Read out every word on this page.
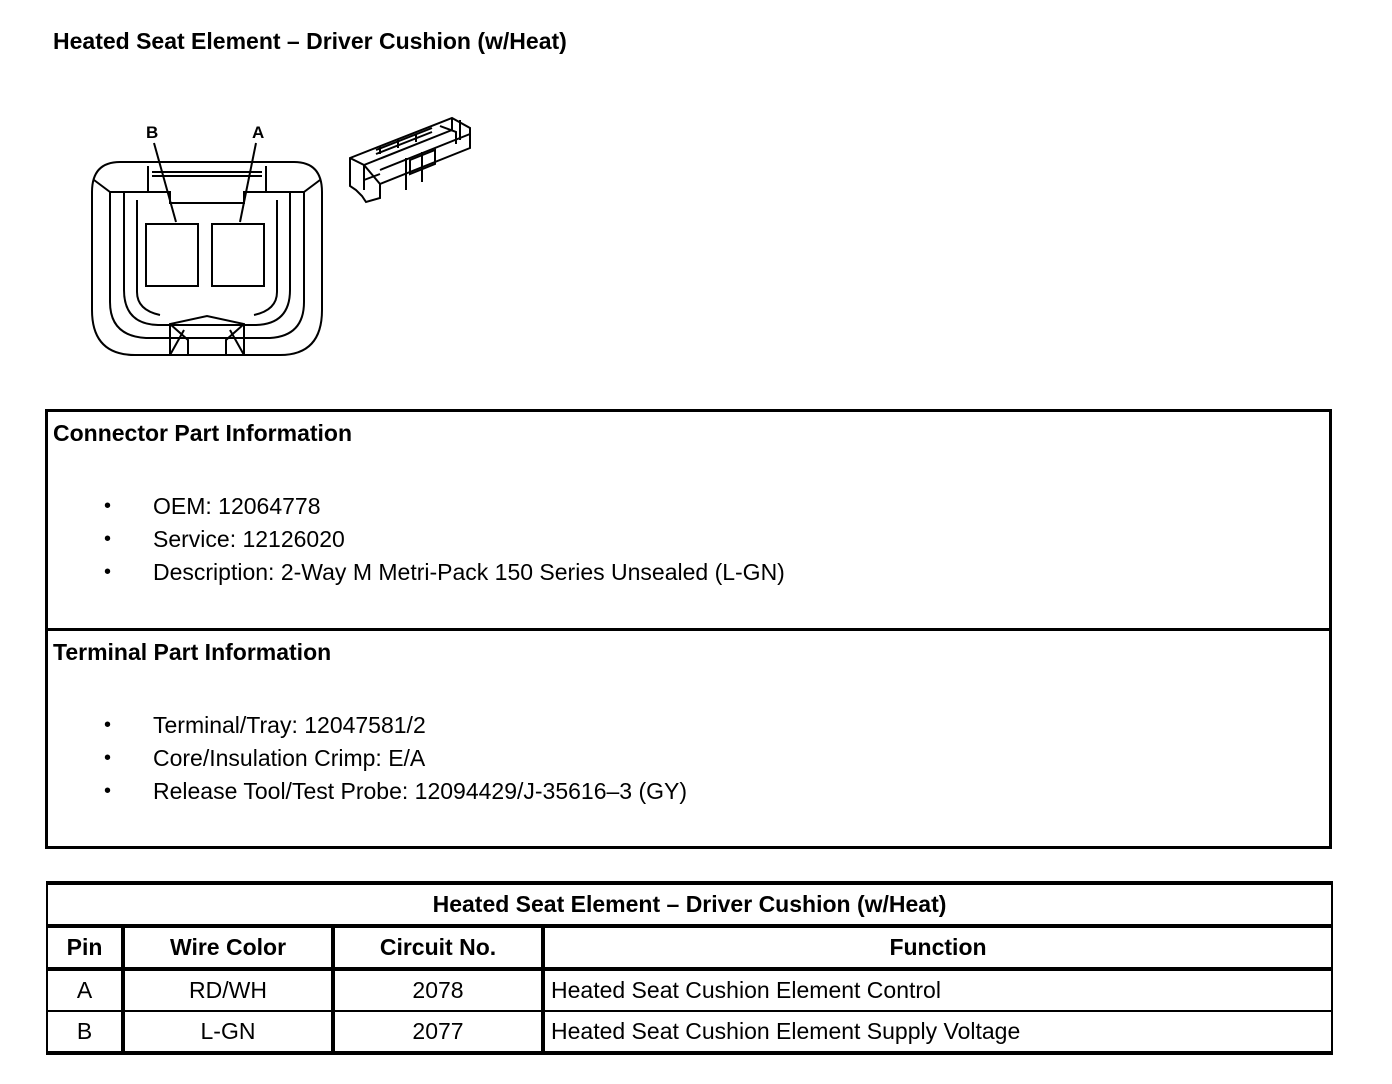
Heated Seat Element – Driver Cushion (w/Heat)
B	A
Connector Part Information
• OEM: 12064778
• Service: 12126020
• Description: 2-Way M Metri-Pack 150 Series Unsealed (L-GN)
Terminal Part Information
• Terminal/Tray: 12047581/2
• Core/Insulation Crimp: E/A
• Release Tool/Test Probe: 12094429/J-35616–3 (GY)
Heated Seat Element – Driver Cushion (w/Heat)			
Pin	Wire Color	Circuit No.	Function
A	RD/WH	2078	Heated Seat Cushion Element Control
B	L-GN	2077	Heated Seat Cushion Element Supply Voltage
